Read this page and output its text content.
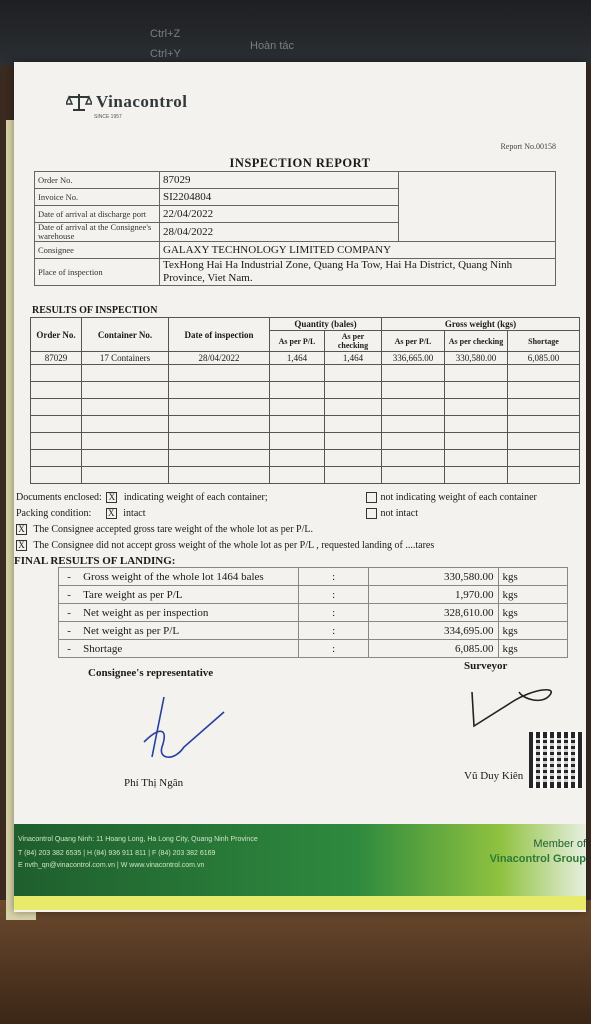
Ctrl+Z
Hoàn tác
Ctrl+Y
Vinacontrol
SINCE 1957
Report No.00158
INSPECTION REPORT
Order No.	87029	
Invoice No.	SI2204804	
Date of arrival at discharge port	22/04/2022	
Date of arrival at the Consignee's warehouse	28/04/2022	
Consignee	GALAXY TECHNOLOGY LIMITED COMPANY	
Place of inspection	TexHong Hai Ha Industrial Zone, Quang Ha Tow, Hai Ha District, Quang Ninh Province, Viet Nam.	
RESULTS OF INSPECTION
Order No.	Container No.	Date of inspection	Quantity (bales)		Gross weight (kgs)		
			As per P/L	As per checking	As per P/L	As per checking	Shortage
87029	17 Containers	28/04/2022	1,464	1,464	336,665.00	330,580.00	6,085.00

Documents enclosed: X indicating weight of each container;	not indicating weight of each container
Packing condition: X intact	not intact
X The Consignee accepted gross tare weight of the whole lot as per P/L.
X The Consignee did not accept gross weight of the whole lot as per P/L , requested landing of ....tares
FINAL RESULTS OF LANDING:
-	Gross weight of the whole lot 1464 bales	:	330,580.00	kgs
-	Tare weight as per P/L	:	1,970.00	kgs
-	Net weight as per inspection	:	328,610.00	kgs
-	Net weight as per P/L	:	334,695.00	kgs
-	Shortage	:	6,085.00	kgs
Consignee's representative
Surveyor
Phí Thị Ngân
Vũ Duy Kiên
Vinacontrol Quang Ninh: 11 Hoang Long, Ha Long City, Quang Ninh Province
T (84) 203 382 6535 | H (84) 936 911 811 | F (84) 203 382 6169
E nvth_qn@vinacontrol.com.vn | W www.vinacontrol.com.vn
Member of
Vinacontrol Group
